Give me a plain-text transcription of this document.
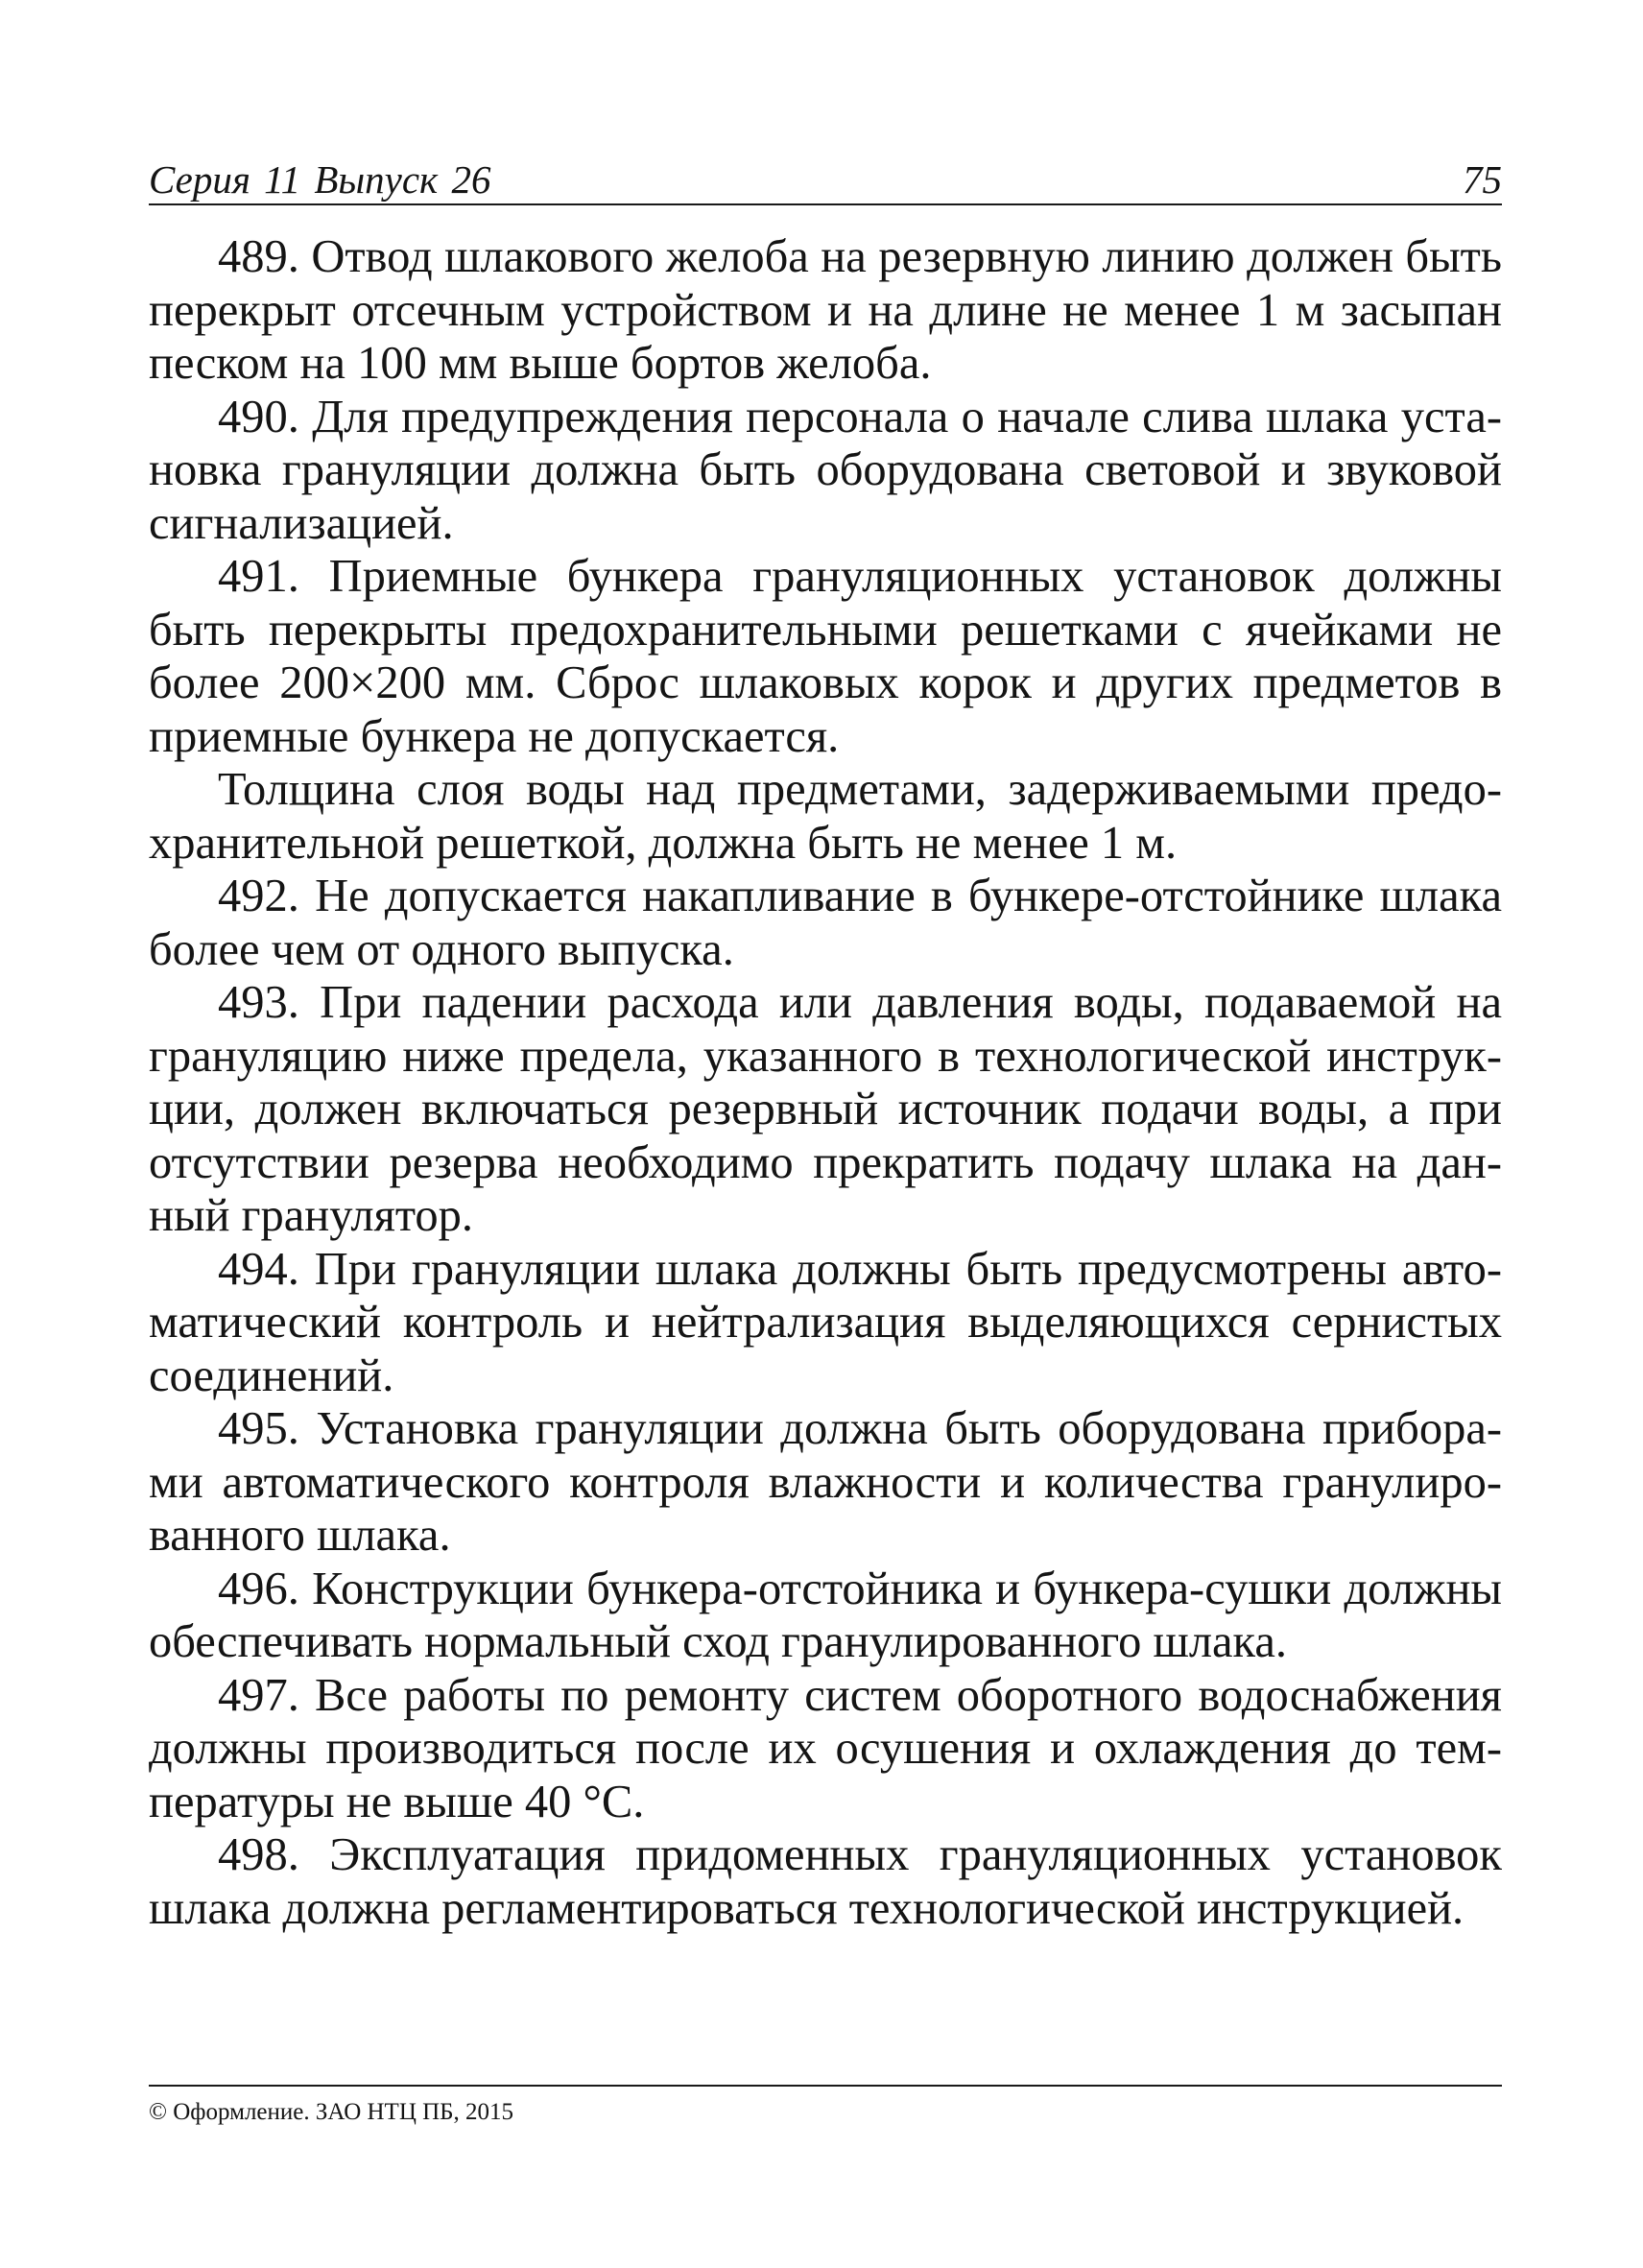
Серия 11 Выпуск 26	75

489. Отвод шлакового желоба на резервную линию должен быть перекрыт отсечным устройством и на длине не менее 1 м засыпан песком на 100 мм выше бортов желоба.

490. Для предупреждения персонала о начале слива шлака установка грануляции должна быть оборудована световой и звуковой сигнализацией.

491. Приемные бункера грануляционных установок должны быть перекрыты предохранительными решетками с ячейками не более 200×200 мм. Сброс шлаковых корок и других предметов в приемные бункера не допускается.

Толщина слоя воды над предметами, задерживаемыми предохранительной решеткой, должна быть не менее 1 м.

492. Не допускается накапливание в бункере-отстойнике шлака более чем от одного выпуска.

493. При падении расхода или давления воды, подаваемой на грануляцию ниже предела, указанного в технологической инструкции, должен включаться резервный источник подачи воды, а при отсутствии резерва необходимо прекратить подачу шлака на данный гранулятор.

494. При грануляции шлака должны быть предусмотрены автоматический контроль и нейтрализация выделяющихся сернистых соединений.

495. Установка грануляции должна быть оборудована приборами автоматического контроля влажности и количества гранулированного шлака.

496. Конструкции бункера-отстойника и бункера-сушки должны обеспечивать нормальный сход гранулированного шлака.

497. Все работы по ремонту систем оборотного водоснабжения должны производиться после их осушения и охлаждения до температуры не выше 40 °С.

498. Эксплуатация придоменных грануляционных установок шлака должна регламентироваться технологической инструкцией.

© Оформление. ЗАО НТЦ ПБ, 2015
